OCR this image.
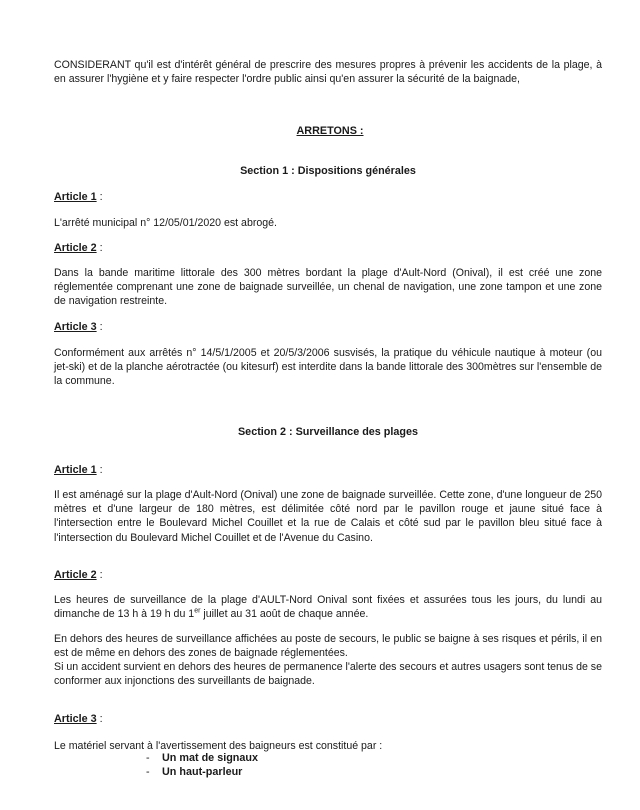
CONSIDERANT qu'il est d'intérêt général de prescrire des mesures propres à prévenir les accidents de la plage, à en assurer l'hygiène et y faire respecter l'ordre public ainsi qu'en assurer la sécurité de la baignade,

ARRETONS :

Section 1 : Dispositions générales

Article 1 :

L'arrêté municipal n° 12/05/01/2020 est abrogé.

Article 2 :

Dans la bande maritime littorale des 300 mètres bordant la plage d'Ault-Nord (Onival), il est créé une zone réglementée comprenant une zone de baignade surveillée, un chenal de navigation, une zone tampon et une zone de navigation restreinte.

Article 3 :

Conformément aux arrêtés n° 14/5/1/2005 et 20/5/3/2006 susvisés, la pratique du véhicule nautique à moteur (ou jet-ski) et de la planche aérotractée (ou kitesurf) est interdite dans la bande littorale des 300mètres sur l'ensemble de la commune.

Section 2 : Surveillance des plages

Article 1 :

Il est aménagé sur la plage d'Ault-Nord (Onival) une zone de baignade surveillée. Cette zone, d'une longueur de 250 mètres et d'une largeur de 180 mètres, est délimitée côté nord par le pavillon rouge et jaune situé face à l'intersection entre le Boulevard Michel Couillet et la rue de Calais et côté sud par le pavillon bleu situé face à l'intersection du Boulevard Michel Couillet et de l'Avenue du Casino.

Article 2 :

Les heures de surveillance de la plage d'AULT-Nord Onival sont fixées et assurées tous les jours, du lundi au dimanche de 13 h à 19 h du 1er juillet au 31 août de chaque année.

En dehors des heures de surveillance affichées au poste de secours, le public se baigne à ses risques et périls, il en est de même en dehors des zones de baignade réglementées.

Si un accident survient en dehors des heures de permanence l'alerte des secours et autres usagers sont tenus de se conformer aux injonctions des surveillants de baignade.

Article 3 :

Le matériel servant à l'avertissement des baigneurs est constitué par :

- Un mat de signaux
- Un haut-parleur
